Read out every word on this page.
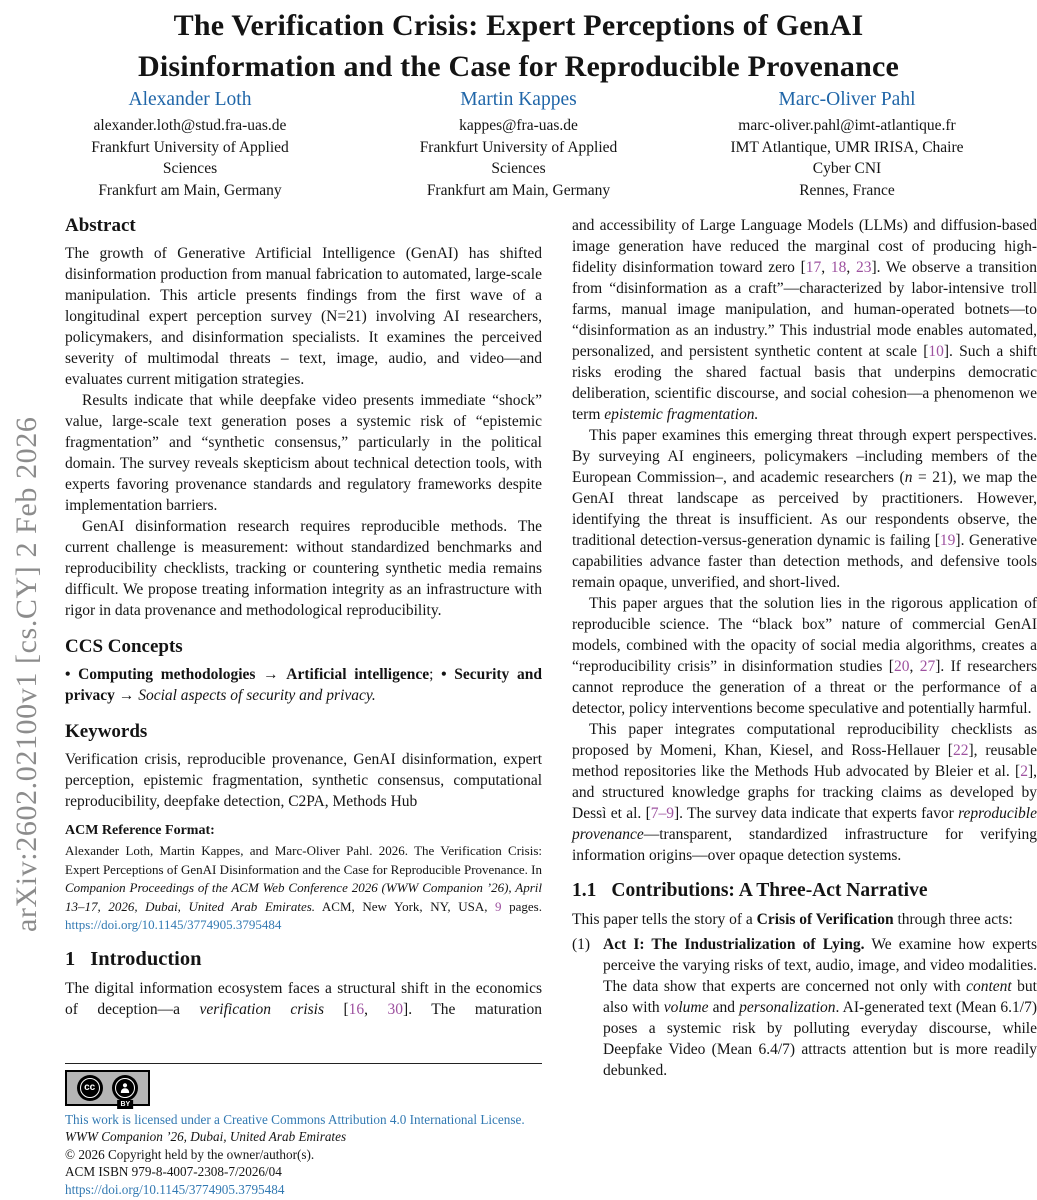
arXiv:2602.02100v1 [cs.CY] 2 Feb 2026
The Verification Crisis: Expert Perceptions of GenAI
Disinformation and the Case for Reproducible Provenance
Alexander Loth
alexander.loth@stud.fra-uas.de
Frankfurt University of Applied Sciences
Frankfurt am Main, Germany
Martin Kappes
kappes@fra-uas.de
Frankfurt University of Applied Sciences
Frankfurt am Main, Germany
Marc-Oliver Pahl
marc-oliver.pahl@imt-atlantique.fr
IMT Atlantique, UMR IRISA, Chaire Cyber CNI
Rennes, France
Abstract

The growth of Generative Artificial Intelligence (GenAI) has shifted disinformation production from manual fabrication to automated, large-scale manipulation. This article presents findings from the first wave of a longitudinal expert perception survey (N=21) involving AI researchers, policymakers, and disinformation specialists. It examines the perceived severity of multimodal threats – text, image, audio, and video—and evaluates current mitigation strategies.

Results indicate that while deepfake video presents immediate “shock” value, large-scale text generation poses a systemic risk of “epistemic fragmentation” and “synthetic consensus,” particularly in the political domain. The survey reveals skepticism about technical detection tools, with experts favoring provenance standards and regulatory frameworks despite implementation barriers.

GenAI disinformation research requires reproducible methods. The current challenge is measurement: without standardized benchmarks and reproducibility checklists, tracking or countering synthetic media remains difficult. We propose treating information integrity as an infrastructure with rigor in data provenance and methodological reproducibility.

CCS Concepts

• Computing methodologies → Artificial intelligence; • Security and privacy → Social aspects of security and privacy.

Keywords

Verification crisis, reproducible provenance, GenAI disinformation, expert perception, epistemic fragmentation, synthetic consensus, computational reproducibility, deepfake detection, C2PA, Methods Hub

ACM Reference Format:

Alexander Loth, Martin Kappes, and Marc-Oliver Pahl. 2026. The Verification Crisis: Expert Perceptions of GenAI Disinformation and the Case for Reproducible Provenance. In Companion Proceedings of the ACM Web Conference 2026 (WWW Companion ’26), April 13–17, 2026, Dubai, United Arab Emirates. ACM, New York, NY, USA, 9 pages. https://doi.org/10.1145/3774905.3795484

1 Introduction

The digital information ecosystem faces a structural shift in the economics of deception—a verification crisis [16, 30]. The maturation

cc
BY
This work is licensed under a Creative Commons Attribution 4.0 International License.
WWW Companion ’26, Dubai, United Arab Emirates
© 2026 Copyright held by the owner/author(s).
ACM ISBN 979-8-4007-2308-7/2026/04
https://doi.org/10.1145/3774905.3795484

and accessibility of Large Language Models (LLMs) and diffusion-based image generation have reduced the marginal cost of producing high-fidelity disinformation toward zero [17, 18, 23]. We observe a transition from “disinformation as a craft”—characterized by labor-intensive troll farms, manual image manipulation, and human-operated botnets—to “disinformation as an industry.” This industrial mode enables automated, personalized, and persistent synthetic content at scale [10]. Such a shift risks eroding the shared factual basis that underpins democratic deliberation, scientific discourse, and social cohesion—a phenomenon we term epistemic fragmentation.

This paper examines this emerging threat through expert perspectives. By surveying AI engineers, policymakers –including members of the European Commission–, and academic researchers (n = 21), we map the GenAI threat landscape as perceived by practitioners. However, identifying the threat is insufficient. As our respondents observe, the traditional detection-versus-generation dynamic is failing [19]. Generative capabilities advance faster than detection methods, and defensive tools remain opaque, unverified, and short-lived.

This paper argues that the solution lies in the rigorous application of reproducible science. The “black box” nature of commercial GenAI models, combined with the opacity of social media algorithms, creates a “reproducibility crisis” in disinformation studies [20, 27]. If researchers cannot reproduce the generation of a threat or the performance of a detector, policy interventions become speculative and potentially harmful.

This paper integrates computational reproducibility checklists as proposed by Momeni, Khan, Kiesel, and Ross-Hellauer [22], reusable method repositories like the Methods Hub advocated by Bleier et al. [2], and structured knowledge graphs for tracking claims as developed by Dessì et al. [7–9]. The survey data indicate that experts favor reproducible provenance—transparent, standardized infrastructure for verifying information origins—over opaque detection systems.

1.1 Contributions: A Three-Act Narrative

This paper tells the story of a Crisis of Verification through three acts:

(1) Act I: The Industrialization of Lying. We examine how experts perceive the varying risks of text, audio, image, and video modalities. The data show that experts are concerned not only with content but also with volume and personalization. AI-generated text (Mean 6.1/7) poses a systemic risk by polluting everyday discourse, while Deepfake Video (Mean 6.4/7) attracts attention but is more readily debunked.
